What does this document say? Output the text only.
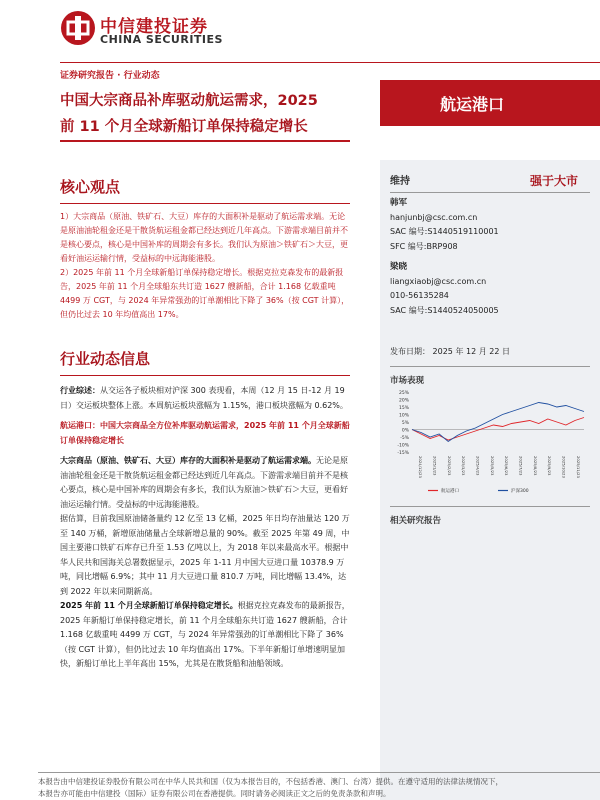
中信建投证券
CHINA SECURITIES
证券研究报告 · 行业动态
中国大宗商品补库驱动航运需求，2025
前 11 个月全球新船订单保持稳定增长
航运港口
核心观点

1）大宗商品（原油、铁矿石、大豆）库存的大面积补是驱动了航运需求端。无论是原油油轮租金还是干散货航运租金都已经达到近几年高点。下游需求端目前并不是核心要点，核心是中国补库的周期会有多长。我们认为原油＞铁矿石＞大豆，更看好油运运输行情，受益标的中远海能港股。

2）2025 年前 11 个月全球新船订单保持稳定增长。根据克拉克森发布的最新报告，2025 年前 11 个月全球船东共订造 1627 艘新船，合计 1.168 亿载重吨 4499 万 CGT，与 2024 年异常强劲的订单潮相比下降了 36%（按 CGT 计算），但仍比过去 10 年均值高出 17%。

行业动态信息
行业综述：从交运各子板块相对沪深 300 表现看，本周（12 月 15 日-12 月 19 日）交运板块整体上涨。本周航运板块涨幅为 1.15%，港口板块涨幅为 0.62%。
航运港口：中国大宗商品全方位补库驱动航运需求，2025 年前 11 个月全球新船订单保持稳定增长
大宗商品（原油、铁矿石、大豆）库存的大面积补是驱动了航运需求端。无论是原油油轮租金还是干散货航运租金都已经达到近几年高点。下游需求端目前并不是核心要点，核心是中国补库的周期会有多长，我们认为原油＞铁矿石＞大豆，更看好油运运输行情。受益标的中远海能港股。
据估算，目前我国原油储备量约 12 亿至 13 亿桶，2025 年日均存油量达 120 万至 140 万桶，新增原油储量占全球新增总量的 90%。截至 2025 年第 49 周，中国主要港口铁矿石库存已升至 1.53 亿吨以上，为 2018 年以来最高水平。根据中华人民共和国海关总署数据显示，2025 年 1-11 月中国大豆进口量 10378.9 万吨，同比增幅 6.9%；其中 11 月大豆进口量 810.7 万吨，同比增幅 13.4%，达到 2022 年以来同期新高。
2025 年前 11 个月全球新船订单保持稳定增长。根据克拉克森发布的最新报告，2025 年新船订单保持稳定增长，前 11 个月全球船东共订造 1627 艘新船，合计 1.168 亿载重吨 4499 万 CGT，与 2024 年异常强劲的订单潮相比下降了 36%（按 CGT 计算），但仍比过去 10 年均值高出 17%。下半年新船订单增速明显加快，新船订单比上半年高出 15%，尤其是在散货船和油船领域。
维持	强于大市
韩军
hanjunbj@csc.com.cn
SAC 编号:S1440519110001
SFC 编号:BRP908
梁晓
liangxiaobj@csc.com.cn
010-56135284
SAC 编号:S1440524050005
发布日期： 2025 年 12 月 22 日
市场表现
25%
20%
15%
10%
5%
0%
-5%
-10%
-15%
2024/12/23 2025/1/23 2025/2/23 2025/3/23 2025/4/23 2025/5/23 2025/6/23 2025/7/23 2025/8/23 2025/9/23 2025/10/23 2025/11/23
航运港口	沪深300
相关研究报告
本报告由中信建投证券股份有限公司在中华人民共和国（仅为本报告目的，不包括香港、澳门、台湾）提供。在遵守适用的法律法规情况下，
本报告亦可能由中信建投（国际）证券有限公司在香港提供。同时请务必阅读正文之后的免责条款和声明。
